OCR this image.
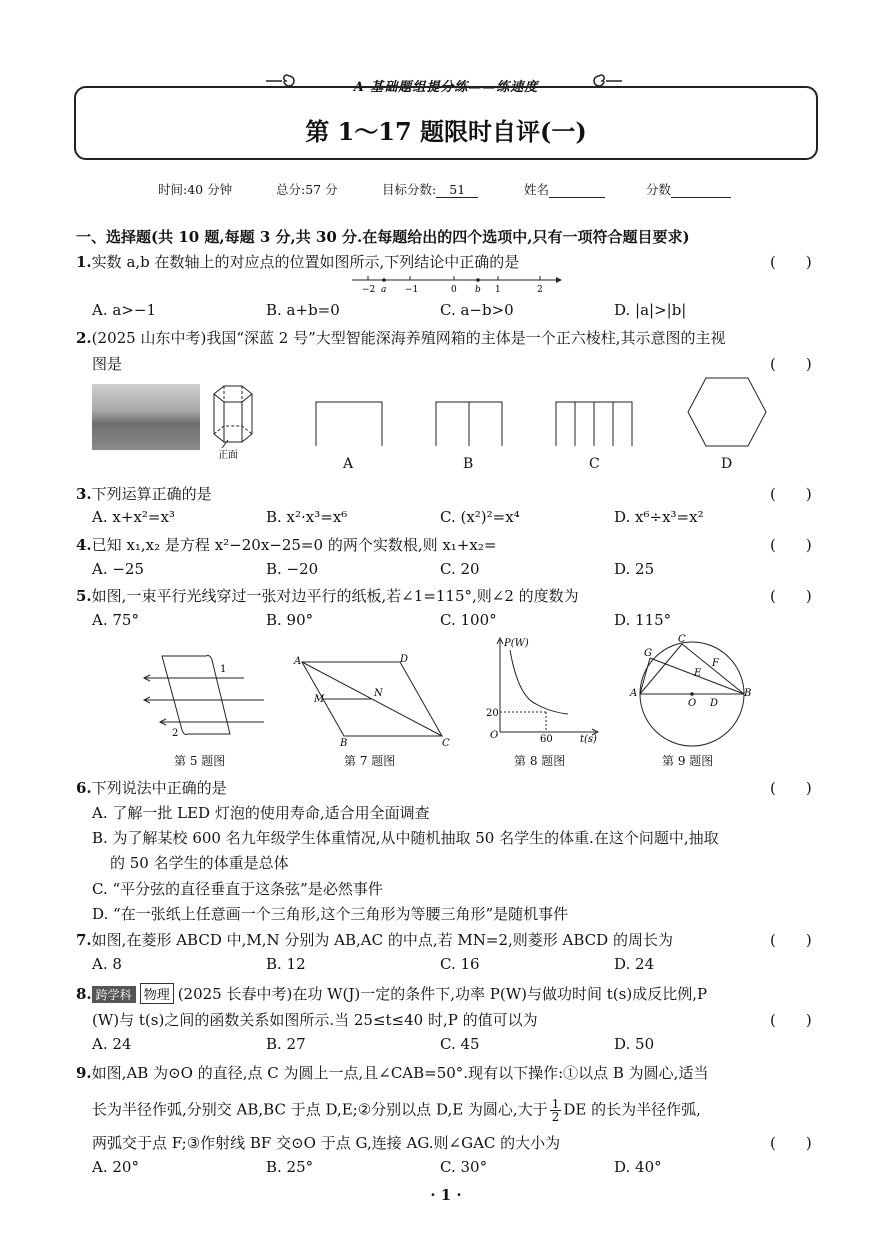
A 基础题组提分练——练速度
第 1～17 题限时自评(一)
时间:40 分钟	总分:57 分	目标分数: 51	姓名	分数
一、选择题(共 10 题,每题 3 分,共 30 分.在每题给出的四个选项中,只有一项符合题目要求)
1.实数 a,b 在数轴上的对应点的位置如图所示,下列结论中正确的是	(　　)
−2 a −1	0 b 1	2
A. a>−1	B. a+b=0	C. a−b>0	D. |a|>|b|
2.(2025 山东中考)我国“深蓝 2 号”大型智能深海养殖网箱的主体是一个正六棱柱,其示意图的主视
图是	(　　)
正面
A	B	C	D
3.下列运算正确的是	(　　)
A. x+x²=x³	B. x²·x³=x⁶	C. (x²)²=x⁴	D. x⁶÷x³=x²
4.已知 x₁,x₂ 是方程 x²−20x−25=0 的两个实数根,则 x₁+x₂=	(　　)
A. −25	B. −20	C. 20	D. 25
5.如图,一束平行光线穿过一张对边平行的纸板,若∠1=115°,则∠2 的度数为	(　　)
A. 75°	B. 90°	C. 100°	D. 115°
1
2
第 5 题图
A	D
M
N
B	C
第 7 题图
P(W)
20
O	60	t(s)
第 8 题图
C
G
F
E
A
O D
B
第 9 题图
6.下列说法中正确的是	(　　)
A. 了解一批 LED 灯泡的使用寿命,适合用全面调查
B. 为了解某校 600 名九年级学生体重情况,从中随机抽取 50 名学生的体重.在这个问题中,抽取
的 50 名学生的体重是总体
C. “平分弦的直径垂直于这条弦”是必然事件
D. “在一张纸上任意画一个三角形,这个三角形为等腰三角形”是随机事件
7.如图,在菱形 ABCD 中,M,N 分别为 AB,AC 的中点,若 MN=2,则菱形 ABCD 的周长为	(　　)
A. 8	B. 12	C. 16	D. 24
8. 跨学科 物理 (2025 长春中考)在功 W(J)一定的条件下,功率 P(W)与做功时间 t(s)成反比例,P
(W)与 t(s)之间的函数关系如图所示.当 25≤t≤40 时,P 的值可以为	(　　)
A. 24	B. 27	C. 45	D. 50
9.如图,AB 为⊙O 的直径,点 C 为圆上一点,且∠CAB=50°.现有以下操作:①以点 B 为圆心,适当
长为半径作弧,分别交 AB,BC 于点 D,E;②分别以点 D,E 为圆心,大于 $\frac{1}{2}$ DE 的长为半径作弧,
两弧交于点 F;③作射线 BF 交⊙O 于点 G,连接 AG.则∠GAC 的大小为	(　　)
A. 20°	B. 25°	C. 30°	D. 40°
· 1 ·
